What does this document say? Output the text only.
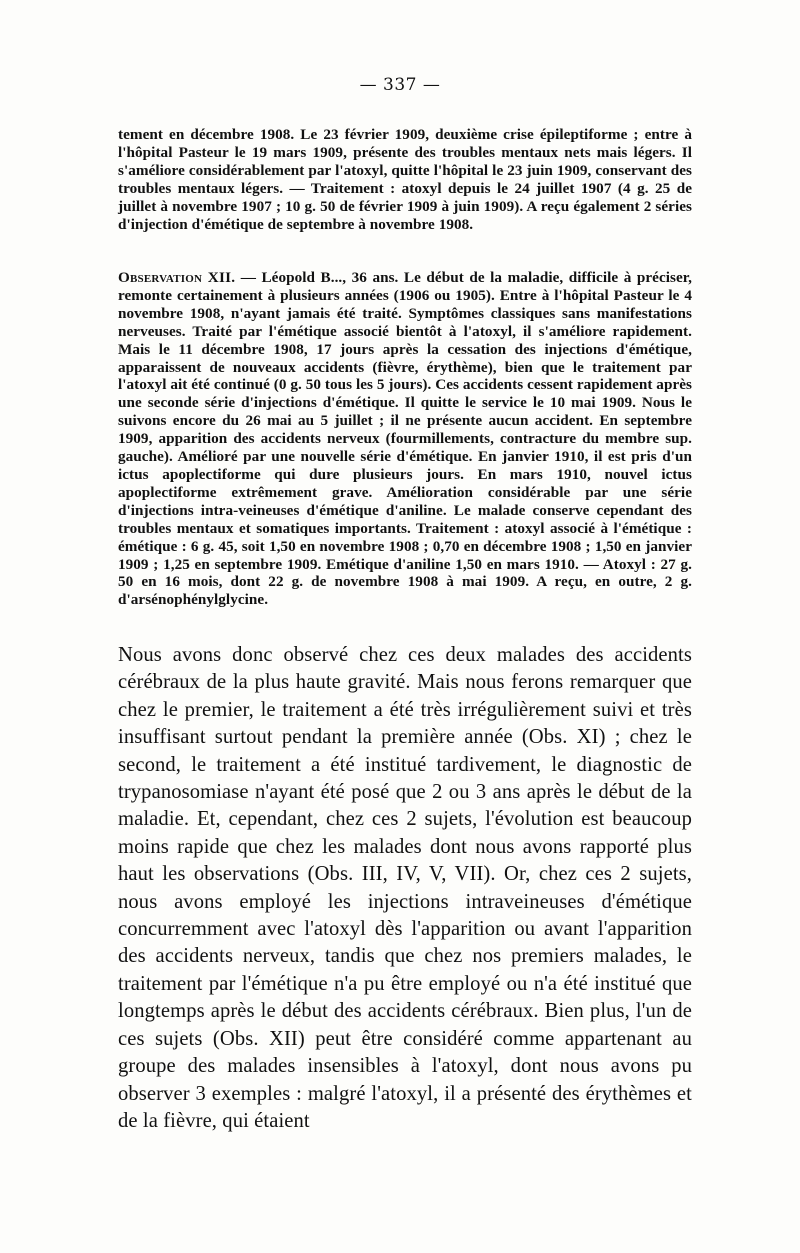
— 337 —

tement en décembre 1908. Le 23 février 1909, deuxième crise épileptiforme ; entre à l'hôpital Pasteur le 19 mars 1909, présente des troubles mentaux nets mais légers. Il s'améliore considérablement par l'atoxyl, quitte l'hôpital le 23 juin 1909, conservant des troubles mentaux légers. — Traitement : atoxyl depuis le 24 juillet 1907 (4 g. 25 de juillet à novembre 1907 ; 10 g. 50 de février 1909 à juin 1909). A reçu également 2 séries d'injection d'émétique de septembre à novembre 1908.

Observation XII. — Léopold B..., 36 ans. Le début de la maladie, difficile à préciser, remonte certainement à plusieurs années (1906 ou 1905). Entre à l'hôpital Pasteur le 4 novembre 1908, n'ayant jamais été traité. Symptômes classiques sans manifestations nerveuses. Traité par l'émétique associé bientôt à l'atoxyl, il s'améliore rapidement. Mais le 11 décembre 1908, 17 jours après la cessation des injections d'émétique, apparaissent de nouveaux accidents (fièvre, érythème), bien que le traitement par l'atoxyl ait été continué (0 g. 50 tous les 5 jours). Ces accidents cessent rapidement après une seconde série d'injections d'émétique. Il quitte le service le 10 mai 1909. Nous le suivons encore du 26 mai au 5 juillet ; il ne présente aucun accident. En septembre 1909, apparition des accidents nerveux (fourmillements, contracture du membre sup. gauche). Amélioré par une nouvelle série d'émétique. En janvier 1910, il est pris d'un ictus apoplectiforme qui dure plusieurs jours. En mars 1910, nouvel ictus apoplectiforme extrêmement grave. Amélioration considérable par une série d'injections intra-veineuses d'émétique d'aniline. Le malade conserve cependant des troubles mentaux et somatiques importants. Traitement : atoxyl associé à l'émétique : émétique : 6 g. 45, soit 1,50 en novembre 1908 ; 0,70 en décembre 1908 ; 1,50 en janvier 1909 ; 1,25 en septembre 1909. Emétique d'aniline 1,50 en mars 1910. — Atoxyl : 27 g. 50 en 16 mois, dont 22 g. de novembre 1908 à mai 1909. A reçu, en outre, 2 g. d'arsénophénylglycine.

Nous avons donc observé chez ces deux malades des accidents cérébraux de la plus haute gravité. Mais nous ferons remarquer que chez le premier, le traitement a été très irrégulièrement suivi et très insuffisant surtout pendant la première année (Obs. XI) ; chez le second, le traitement a été institué tardivement, le diagnostic de trypanosomiase n'ayant été posé que 2 ou 3 ans après le début de la maladie. Et, cependant, chez ces 2 sujets, l'évolution est beaucoup moins rapide que chez les malades dont nous avons rapporté plus haut les observations (Obs. III, IV, V, VII). Or, chez ces 2 sujets, nous avons employé les injections intraveineuses d'émétique concurremment avec l'atoxyl dès l'apparition ou avant l'apparition des accidents nerveux, tandis que chez nos premiers malades, le traitement par l'émétique n'a pu être employé ou n'a été institué que longtemps après le début des accidents cérébraux. Bien plus, l'un de ces sujets (Obs. XII) peut être considéré comme appartenant au groupe des malades insensibles à l'atoxyl, dont nous avons pu observer 3 exemples : malgré l'atoxyl, il a présenté des érythèmes et de la fièvre, qui étaient
